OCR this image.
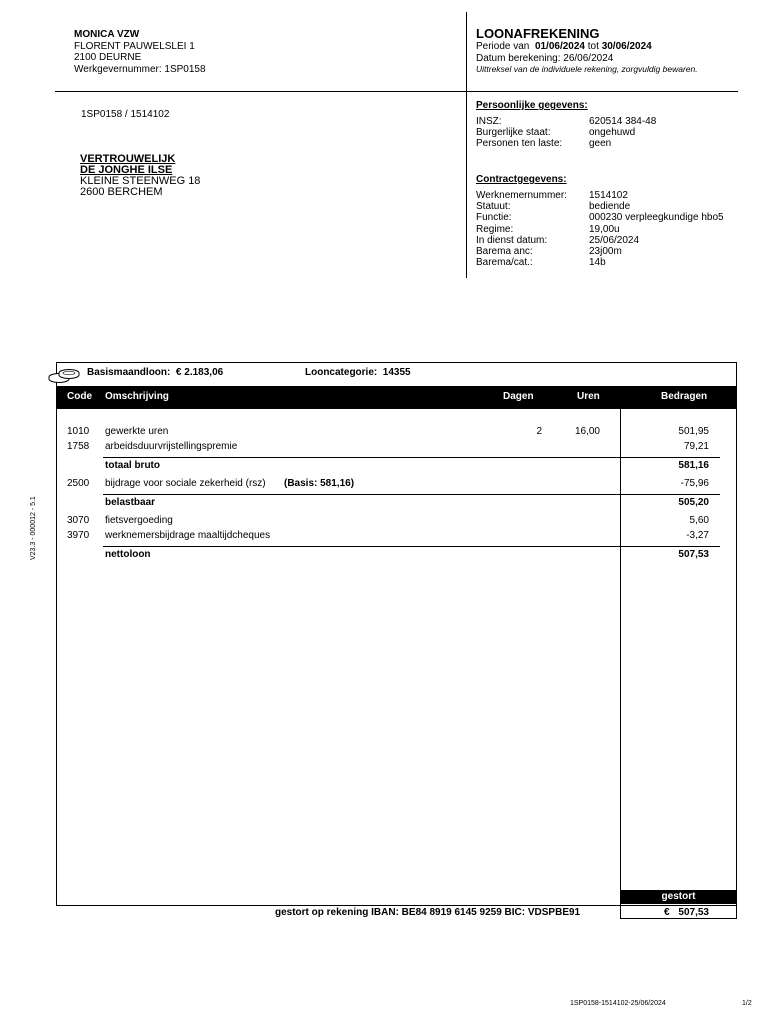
MONICA VZW
FLORENT PAUWELSLEI 1
2100 DEURNE
Werkgevernummer: 1SP0158
LOONAFREKENING
Periode van 01/06/2024 tot 30/06/2024
Datum berekening: 26/06/2024
Uittreksel van de individuele rekening, zorgvuldig bewaren.
1SP0158 / 1514102
VERTROUWELIJK
DE JONGHE ILSE
KLEINE STEENWEG 18
2600 BERCHEM
Persoonlijke gegevens:
INSZ:	620514 384-48
Burgerlijke staat:	ongehuwd
Personen ten laste:	geen
Contractgegevens:
Werknemernummer:	1514102
Statuut:	bediende
Functie:	000230 verpleegkundige hbo5
Regime:	19,00u
In dienst datum:	25/06/2024
Barema anc:	23j00m
Barema/cat.:	14b
Basismaandloon: € 2.183,06	Looncategorie: 14355
Code Omschrijving	Dagen	Uren	Bedragen
1010 gewerkte uren	2	16,00	501,95
1758 arbeidsduurvrijstellingspremie	79,21
totaal bruto	581,16
2500 bijdrage voor sociale zekerheid (rsz) (Basis: 581,16)	-75,96
belastbaar	505,20
3070 fietsvergoeding	5,60
3970 werknemersbijdrage maaltijdcheques	-3,27
nettoloon	507,53
gestort
€ 507,53
gestort op rekening IBAN: BE84 8919 6145 9259 BIC: VDSPBE91
V23.3 - 000012 - 5.1
1SP0158-1514102-25/06/2024	1/2
